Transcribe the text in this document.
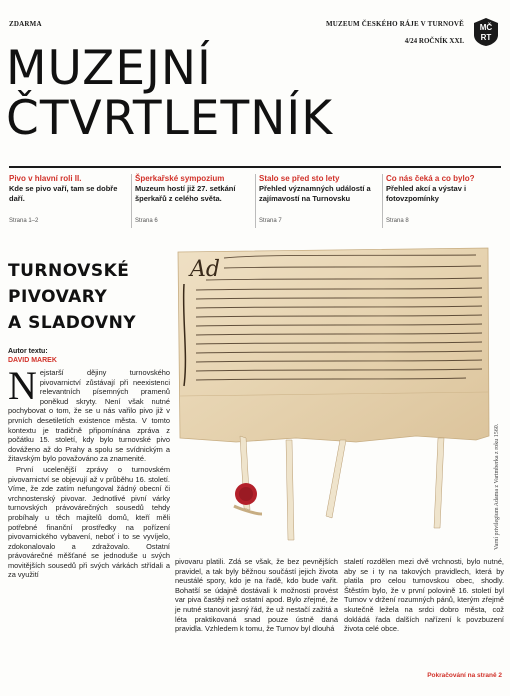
ZDARMA	MUZEUM ČESKÉHO RÁJE V TURNOVĚ
4/24 ROČNÍK XXI.
MČ
RT
MUZEJNÍ
ČTVRTLETNÍK
Pivo v hlavní roli II.
Kde se pivo vaří, tam se dobře daří.
Strana 1–2
Šperkařské sympozium
Muzeum hostí již 27. setkání šperkařů z celého světa.
Strana 6
Stalo se před sto lety
Přehled významných událostí a zajímavostí na Turnovsku
Strana 7
Co nás čeká a co bylo?
Přehled akcí a výstav i fotovzpomínky
Strana 8
TURNOVSKÉ
PIVOVARY
A SLADOVNY
Autor textu:
DAVID MAREK

Nejstarší dějiny turnovského pivovarnictví zůstávají při neexistenci relevantních písemných pramenů poněkud skryty. Není však nutné pochybovat o tom, že se u nás vařilo pivo již v prvních desetiletích existence města. V tomto kontextu je tradičně připomínána zpráva z počátku 15. století, kdy bylo turnovské pivo dováženo až do Prahy a spolu se svídnickým a žitavským bylo považováno za znamenité.

První ucelenější zprávy o turnovském pivovarnictví se objevují až v průběhu 16. století. Víme, že zde zatím nefungoval žádný obecní či vrchnostenský pivovar. Jednotlivé pivní várky turnovských právovárečných sousedů tehdy probíhaly u těch majitelů domů, kteří měli potřebné finanční prostředky na pořízení pivovarnického vybavení, neboť i to se vyvíjelo, zdokonalovalo a zdražovalo. Ostatní právovárečné měšťané se jednoduše u svých movitějších sousedů při svých várkách střídali a za využití

Ad
Varní privilegium Adama z Vartmberka z roku 1560.
pivovaru platili. Zdá se však, že bez pevnějších pravidel, a tak byly běžnou součástí jejich života neustálé spory, kdo je na řadě, kdo bude vařit. Bohatší se údajně dostávali k možnosti provést var piva častěji než ostatní apod. Bylo zřejmé, že je nutné stanovit jasný řád, že už nestačí zažitá a léta praktikovaná snad pouze ústně daná pravidla. Vzhledem k tomu, že Turnov byl dlouhá
staletí rozdělen mezi dvě vrchnosti, bylo nutné, aby se i ty na takových pravidlech, která by platila pro celou turnovskou obec, shodly. Štěstím bylo, že v první polovině 16. století byl Turnov v držení rozumných pánů, kterým zřejmě skutečně ležela na srdci dobro města, což dokládá řada dalších nařízení k povzbuzení života celé obce.
Pokračování na straně 2
